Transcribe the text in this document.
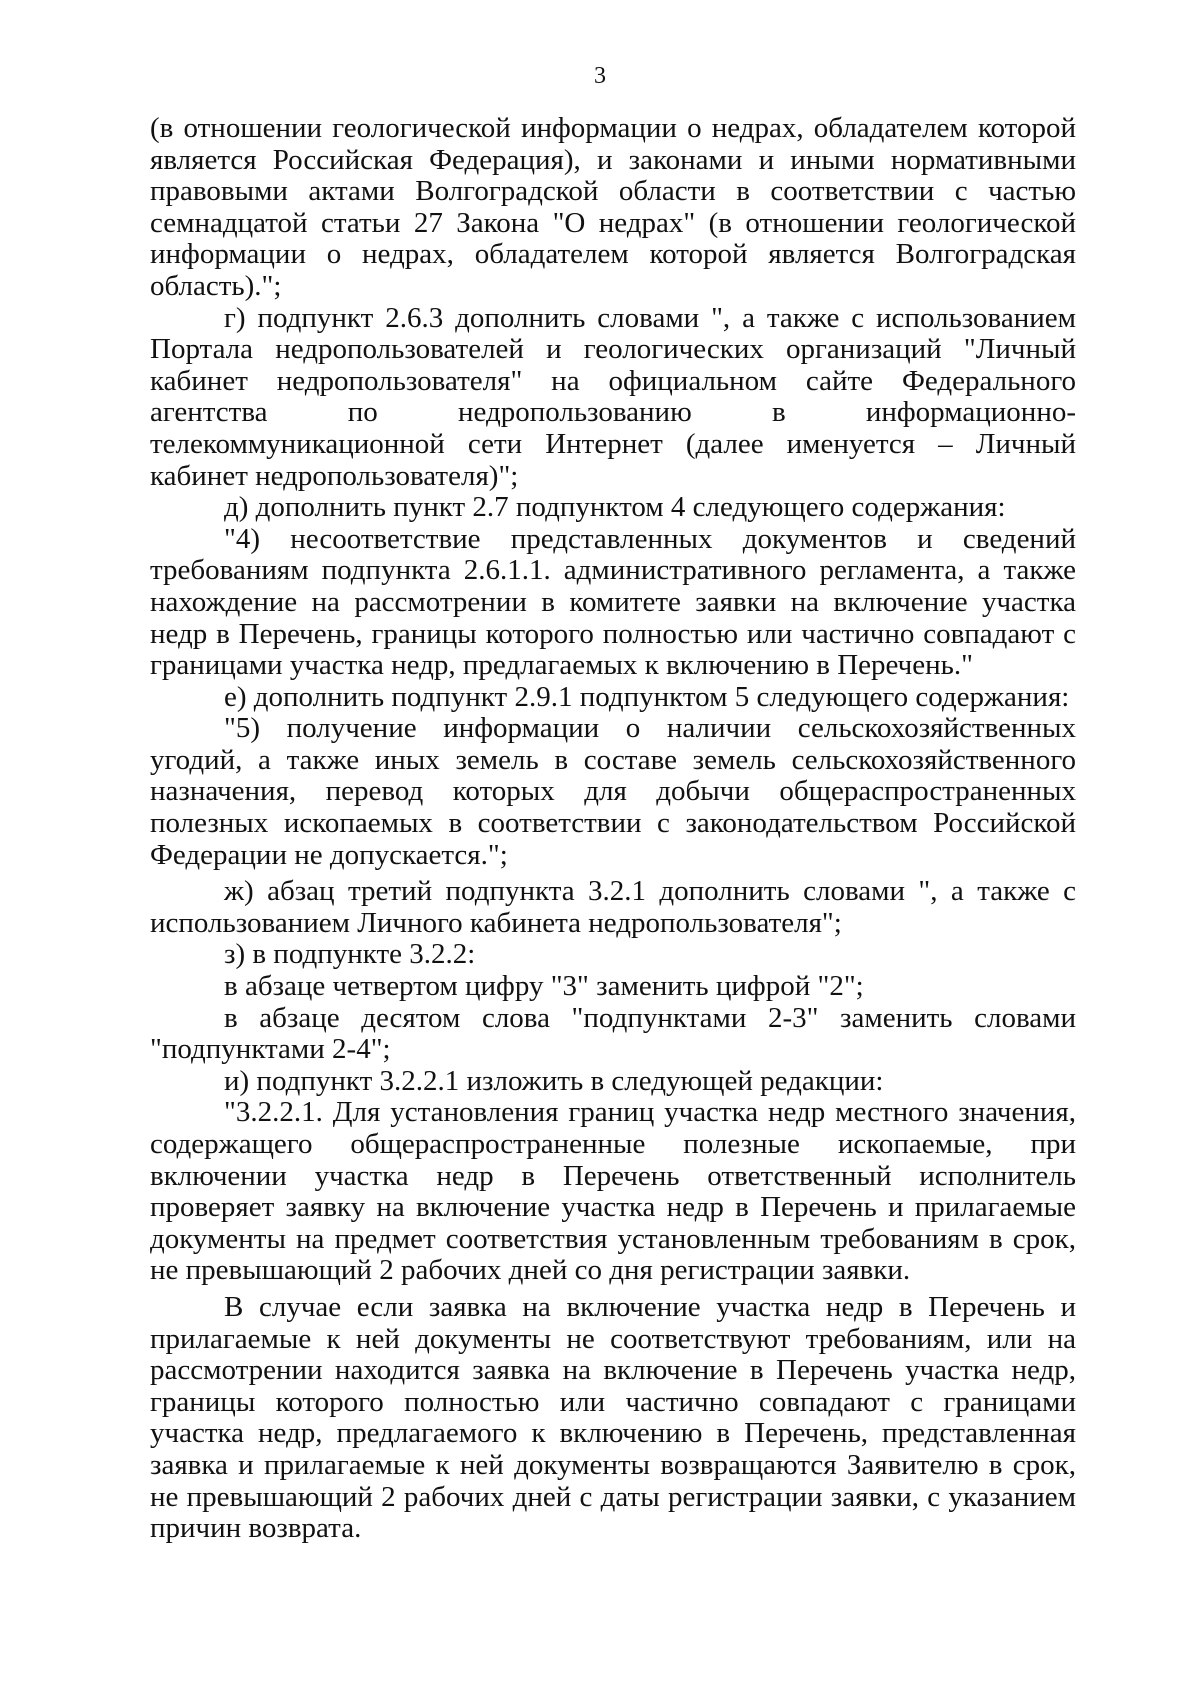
3

(в отношении геологической информации о недрах, обладателем которой является Российская Федерация), и законами и иными нормативными правовыми актами Волгоградской области в соответствии с частью семнадцатой статьи 27 Закона "О недрах" (в отношении геологической информации о недрах, обладателем которой является Волгоградская область).";

г) подпункт 2.6.3 дополнить словами ", а также с использованием Портала недропользователей и геологических организаций "Личный кабинет недропользователя" на официальном сайте Федерального агентства по недропользованию в информационно-телекоммуникационной сети Интернет (далее именуется – Личный кабинет недропользователя)";

д) дополнить пункт 2.7 подпунктом 4 следующего содержания:

"4) несоответствие представленных документов и сведений требованиям подпункта 2.6.1.1. административного регламента, а также нахождение на рассмотрении в комитете заявки на включение участка недр в Перечень, границы которого полностью или частично совпадают с границами участка недр, предлагаемых к включению в Перечень."

е) дополнить подпункт 2.9.1 подпунктом 5 следующего содержания:

"5) получение информации о наличии сельскохозяйственных угодий, а также иных земель в составе земель сельскохозяйственного назначения, перевод которых для добычи общераспространенных полезных ископаемых в соответствии с законодательством Российской Федерации не допускается.";

ж) абзац третий подпункта 3.2.1 дополнить словами ", а также с использованием Личного кабинета недропользователя";

з) в подпункте 3.2.2:

в абзаце четвертом цифру "3" заменить цифрой "2";

в абзаце десятом слова "подпунктами 2-3" заменить словами "подпунктами 2-4";

и) подпункт 3.2.2.1 изложить в следующей редакции:

"3.2.2.1. Для установления границ участка недр местного значения, содержащего общераспространенные полезные ископаемые, при включении участка недр в Перечень ответственный исполнитель проверяет заявку на включение участка недр в Перечень и прилагаемые документы на предмет соответствия установленным требованиям в срок, не превышающий 2 рабочих дней со дня регистрации заявки.

В случае если заявка на включение участка недр в Перечень и прилагаемые к ней документы не соответствуют требованиям, или на рассмотрении находится заявка на включение в Перечень участка недр, границы которого полностью или частично совпадают с границами участка недр, предлагаемого к включению в Перечень, представленная заявка и прилагаемые к ней документы возвращаются Заявителю в срок, не превышающий 2 рабочих дней с даты регистрации заявки, с указанием причин возврата.
